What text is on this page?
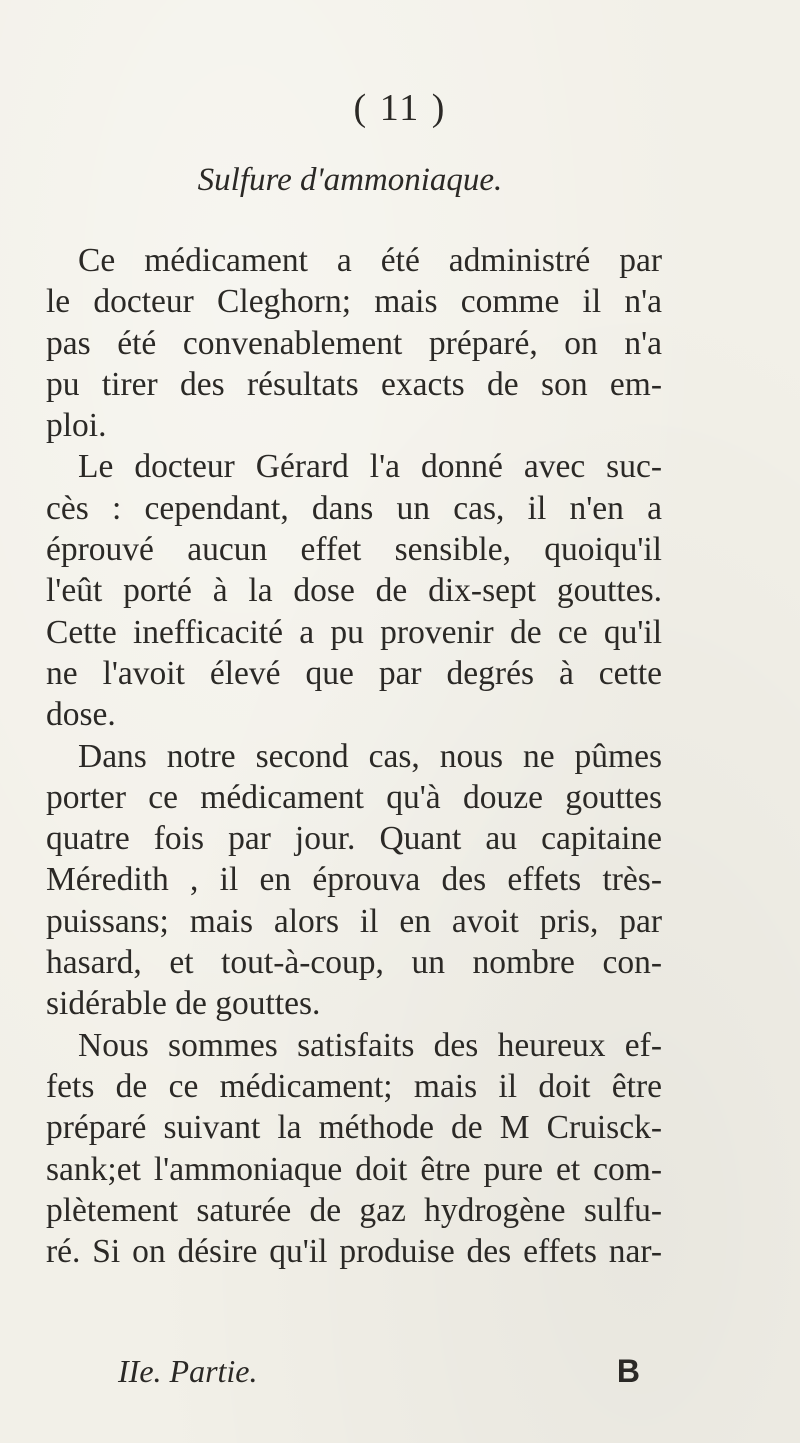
( 11 )
Sulfure d'ammoniaque.
Ce médicament a été administré par
le docteur Cleghorn; mais comme il n'a
pas été convenablement préparé, on n'a
pu tirer des résultats exacts de son em-
ploi.
Le docteur Gérard l'a donné avec suc-
cès : cependant, dans un cas, il n'en a
éprouvé aucun effet sensible, quoiqu'il
l'eût porté à la dose de dix-sept gouttes.
Cette inefficacité a pu provenir de ce qu'il
ne l'avoit élevé que par degrés à cette
dose.
Dans notre second cas, nous ne pûmes
porter ce médicament qu'à douze gouttes
quatre fois par jour. Quant au capitaine
Méredith , il en éprouva des effets très-
puissans; mais alors il en avoit pris, par
hasard, et tout-à-coup, un nombre con-
sidérable de gouttes.
Nous sommes satisfaits des heureux ef-
fets de ce médicament; mais il doit être
préparé suivant la méthode de M Cruisck-
sank;et l'ammoniaque doit être pure et com-
plètement saturée de gaz hydrogène sulfu-
ré. Si on désire qu'il produise des effets nar-
IIe. Partie.	B
